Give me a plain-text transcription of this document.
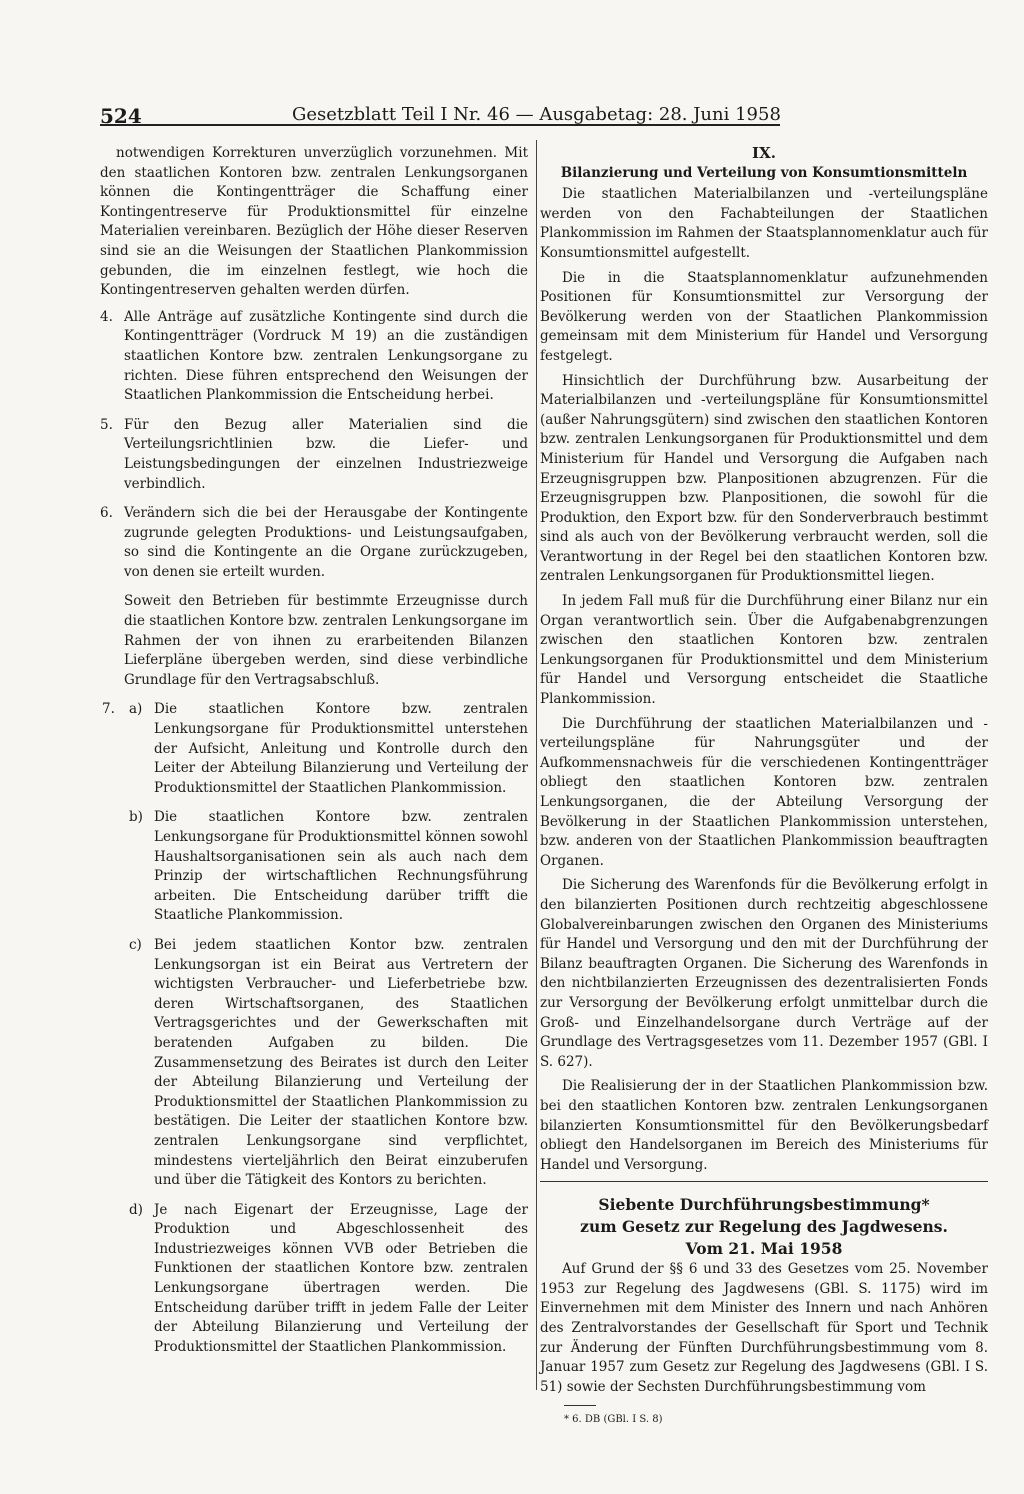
524	Gesetzblatt Teil I Nr. 46 — Ausgabetag: 28. Juni 1958

notwendigen Korrekturen unverzüglich vorzunehmen. Mit den staatlichen Kontoren bzw. zentralen Lenkungsorganen können die Kontingentträger die Schaffung einer Kontingentreserve für Produktionsmittel für einzelne Materialien vereinbaren. Bezüglich der Höhe dieser Reserven sind sie an die Weisungen der Staatlichen Plankommission gebunden, die im einzelnen festlegt, wie hoch die Kontingentreserven gehalten werden dürfen.

4. Alle Anträge auf zusätzliche Kontingente sind durch die Kontingentträger (Vordruck M 19) an die zuständigen staatlichen Kontore bzw. zentralen Lenkungsorgane zu richten. Diese führen entsprechend den Weisungen der Staatlichen Plankommission die Entscheidung herbei.
5. Für den Bezug aller Materialien sind die Verteilungsrichtlinien bzw. die Liefer- und Leistungsbedingungen der einzelnen Industriezweige verbindlich.
6. Verändern sich die bei der Herausgabe der Kontingente zugrunde gelegten Produktions- und Leistungsaufgaben, so sind die Kontingente an die Organe zurückzugeben, von denen sie erteilt wurden.
Soweit den Betrieben für bestimmte Erzeugnisse durch die staatlichen Kontore bzw. zentralen Lenkungsorgane im Rahmen der von ihnen zu erarbeitenden Bilanzen Lieferpläne übergeben werden, sind diese verbindliche Grundlage für den Vertragsabschluß.
7. a) Die staatlichen Kontore bzw. zentralen Lenkungsorgane für Produktionsmittel unterstehen der Aufsicht, Anleitung und Kontrolle durch den Leiter der Abteilung Bilanzierung und Verteilung der Produktionsmittel der Staatlichen Plankommission.
b) Die staatlichen Kontore bzw. zentralen Lenkungsorgane für Produktionsmittel können sowohl Haushaltsorganisationen sein als auch nach dem Prinzip der wirtschaftlichen Rechnungsführung arbeiten. Die Entscheidung darüber trifft die Staatliche Plankommission.
c) Bei jedem staatlichen Kontor bzw. zentralen Lenkungsorgan ist ein Beirat aus Vertretern der wichtigsten Verbraucher- und Lieferbetriebe bzw. deren Wirtschaftsorganen, des Staatlichen Vertragsgerichtes und der Gewerkschaften mit beratenden Aufgaben zu bilden. Die Zusammensetzung des Beirates ist durch den Leiter der Abteilung Bilanzierung und Verteilung der Produktionsmittel der Staatlichen Plankommission zu bestätigen. Die Leiter der staatlichen Kontore bzw. zentralen Lenkungsorgane sind verpflichtet, mindestens vierteljährlich den Beirat einzuberufen und über die Tätigkeit des Kontors zu berichten.
d) Je nach Eigenart der Erzeugnisse, Lage der Produktion und Abgeschlossenheit des Industriezweiges können VVB oder Betrieben die Funktionen der staatlichen Kontore bzw. zentralen Lenkungsorgane übertragen werden. Die Entscheidung darüber trifft in jedem Falle der Leiter der Abteilung Bilanzierung und Verteilung der Produktionsmittel der Staatlichen Plankommission.

IX.

Bilanzierung und Verteilung von Konsumtionsmitteln

Die staatlichen Materialbilanzen und -verteilungspläne werden von den Fachabteilungen der Staatlichen Plankommission im Rahmen der Staatsplannomenklatur auch für Konsumtionsmittel aufgestellt.

Die in die Staatsplannomenklatur aufzunehmenden Positionen für Konsumtionsmittel zur Versorgung der Bevölkerung werden von der Staatlichen Plankommission gemeinsam mit dem Ministerium für Handel und Versorgung festgelegt.

Hinsichtlich der Durchführung bzw. Ausarbeitung der Materialbilanzen und -verteilungspläne für Konsumtionsmittel (außer Nahrungsgütern) sind zwischen den staatlichen Kontoren bzw. zentralen Lenkungsorganen für Produktionsmittel und dem Ministerium für Handel und Versorgung die Aufgaben nach Erzeugnisgruppen bzw. Planpositionen abzugrenzen. Für die Erzeugnisgruppen bzw. Planpositionen, die sowohl für die Produktion, den Export bzw. für den Sonderverbrauch bestimmt sind als auch von der Bevölkerung verbraucht werden, soll die Verantwortung in der Regel bei den staatlichen Kontoren bzw. zentralen Lenkungsorganen für Produktionsmittel liegen.

In jedem Fall muß für die Durchführung einer Bilanz nur ein Organ verantwortlich sein. Über die Aufgabenabgrenzungen zwischen den staatlichen Kontoren bzw. zentralen Lenkungsorganen für Produktionsmittel und dem Ministerium für Handel und Versorgung entscheidet die Staatliche Plankommission.

Die Durchführung der staatlichen Materialbilanzen und -verteilungspläne für Nahrungsgüter und der Aufkommensnachweis für die verschiedenen Kontingentträger obliegt den staatlichen Kontoren bzw. zentralen Lenkungsorganen, die der Abteilung Versorgung der Bevölkerung in der Staatlichen Plankommission unterstehen, bzw. anderen von der Staatlichen Plankommission beauftragten Organen.

Die Sicherung des Warenfonds für die Bevölkerung erfolgt in den bilanzierten Positionen durch rechtzeitig abgeschlossene Globalvereinbarungen zwischen den Organen des Ministeriums für Handel und Versorgung und den mit der Durchführung der Bilanz beauftragten Organen. Die Sicherung des Warenfonds in den nichtbilanzierten Erzeugnissen des dezentralisierten Fonds zur Versorgung der Bevölkerung erfolgt unmittelbar durch die Groß- und Einzelhandelsorgane durch Verträge auf der Grundlage des Vertragsgesetzes vom 11. Dezember 1957 (GBl. I S. 627).

Die Realisierung der in der Staatlichen Plankommission bzw. bei den staatlichen Kontoren bzw. zentralen Lenkungsorganen bilanzierten Konsumtionsmittel für den Bevölkerungsbedarf obliegt den Handelsorganen im Bereich des Ministeriums für Handel und Versorgung.

Siebente Durchführungsbestimmung*

zum Gesetz zur Regelung des Jagdwesens.

Vom 21. Mai 1958

Auf Grund der §§ 6 und 33 des Gesetzes vom 25. November 1953 zur Regelung des Jagdwesens (GBl. S. 1175) wird im Einvernehmen mit dem Minister des Innern und nach Anhören des Zentralvorstandes der Gesellschaft für Sport und Technik zur Änderung der Fünften Durchführungsbestimmung vom 8. Januar 1957 zum Gesetz zur Regelung des Jagdwesens (GBl. I S. 51) sowie der Sechsten Durchführungsbestimmung vom

* 6. DB (GBl. I S. 8)
